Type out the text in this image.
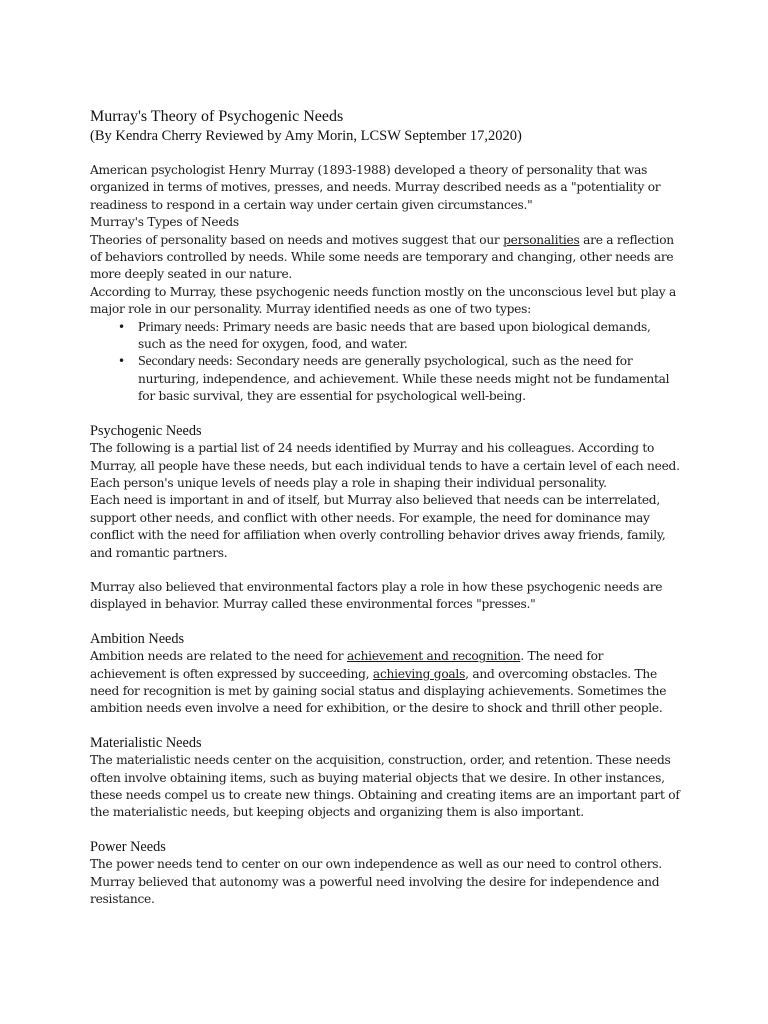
Murray's Theory of Psychogenic Needs
(By Kendra Cherry Reviewed by Amy Morin, LCSW September 17,2020)

American psychologist Henry Murray (1893-1988) developed a theory of personality that was organized in terms of motives, presses, and needs. Murray described needs as a "potentiality or readiness to respond in a certain way under certain given circumstances."

Murray's Types of Needs

Theories of personality based on needs and motives suggest that our personalities are a reflection of behaviors controlled by needs. While some needs are temporary and changing, other needs are more deeply seated in our nature.

According to Murray, these psychogenic needs function mostly on the unconscious level but play a major role in our personality. Murray identified needs as one of two types:

• Primary needs: Primary needs are basic needs that are based upon biological demands, such as the need for oxygen, food, and water.
• Secondary needs: Secondary needs are generally psychological, such as the need for nurturing, independence, and achievement. While these needs might not be fundamental for basic survival, they are essential for psychological well-being.
Psychogenic Needs

The following is a partial list of 24 needs identified by Murray and his colleagues. According to Murray, all people have these needs, but each individual tends to have a certain level of each need. Each person's unique levels of needs play a role in shaping their individual personality.

Each need is important in and of itself, but Murray also believed that needs can be interrelated, support other needs, and conflict with other needs. For example, the need for dominance may conflict with the need for affiliation when overly controlling behavior drives away friends, family, and romantic partners.

Murray also believed that environmental factors play a role in how these psychogenic needs are displayed in behavior. Murray called these environmental forces "presses."

Ambition Needs

Ambition needs are related to the need for achievement and recognition. The need for achievement is often expressed by succeeding, achieving goals, and overcoming obstacles. The need for recognition is met by gaining social status and displaying achievements. Sometimes the ambition needs even involve a need for exhibition, or the desire to shock and thrill other people.

Materialistic Needs

The materialistic needs center on the acquisition, construction, order, and retention. These needs often involve obtaining items, such as buying material objects that we desire. In other instances, these needs compel us to create new things. Obtaining and creating items are an important part of the materialistic needs, but keeping objects and organizing them is also important.

Power Needs

The power needs tend to center on our own independence as well as our need to control others. Murray believed that autonomy was a powerful need involving the desire for independence and resistance.
